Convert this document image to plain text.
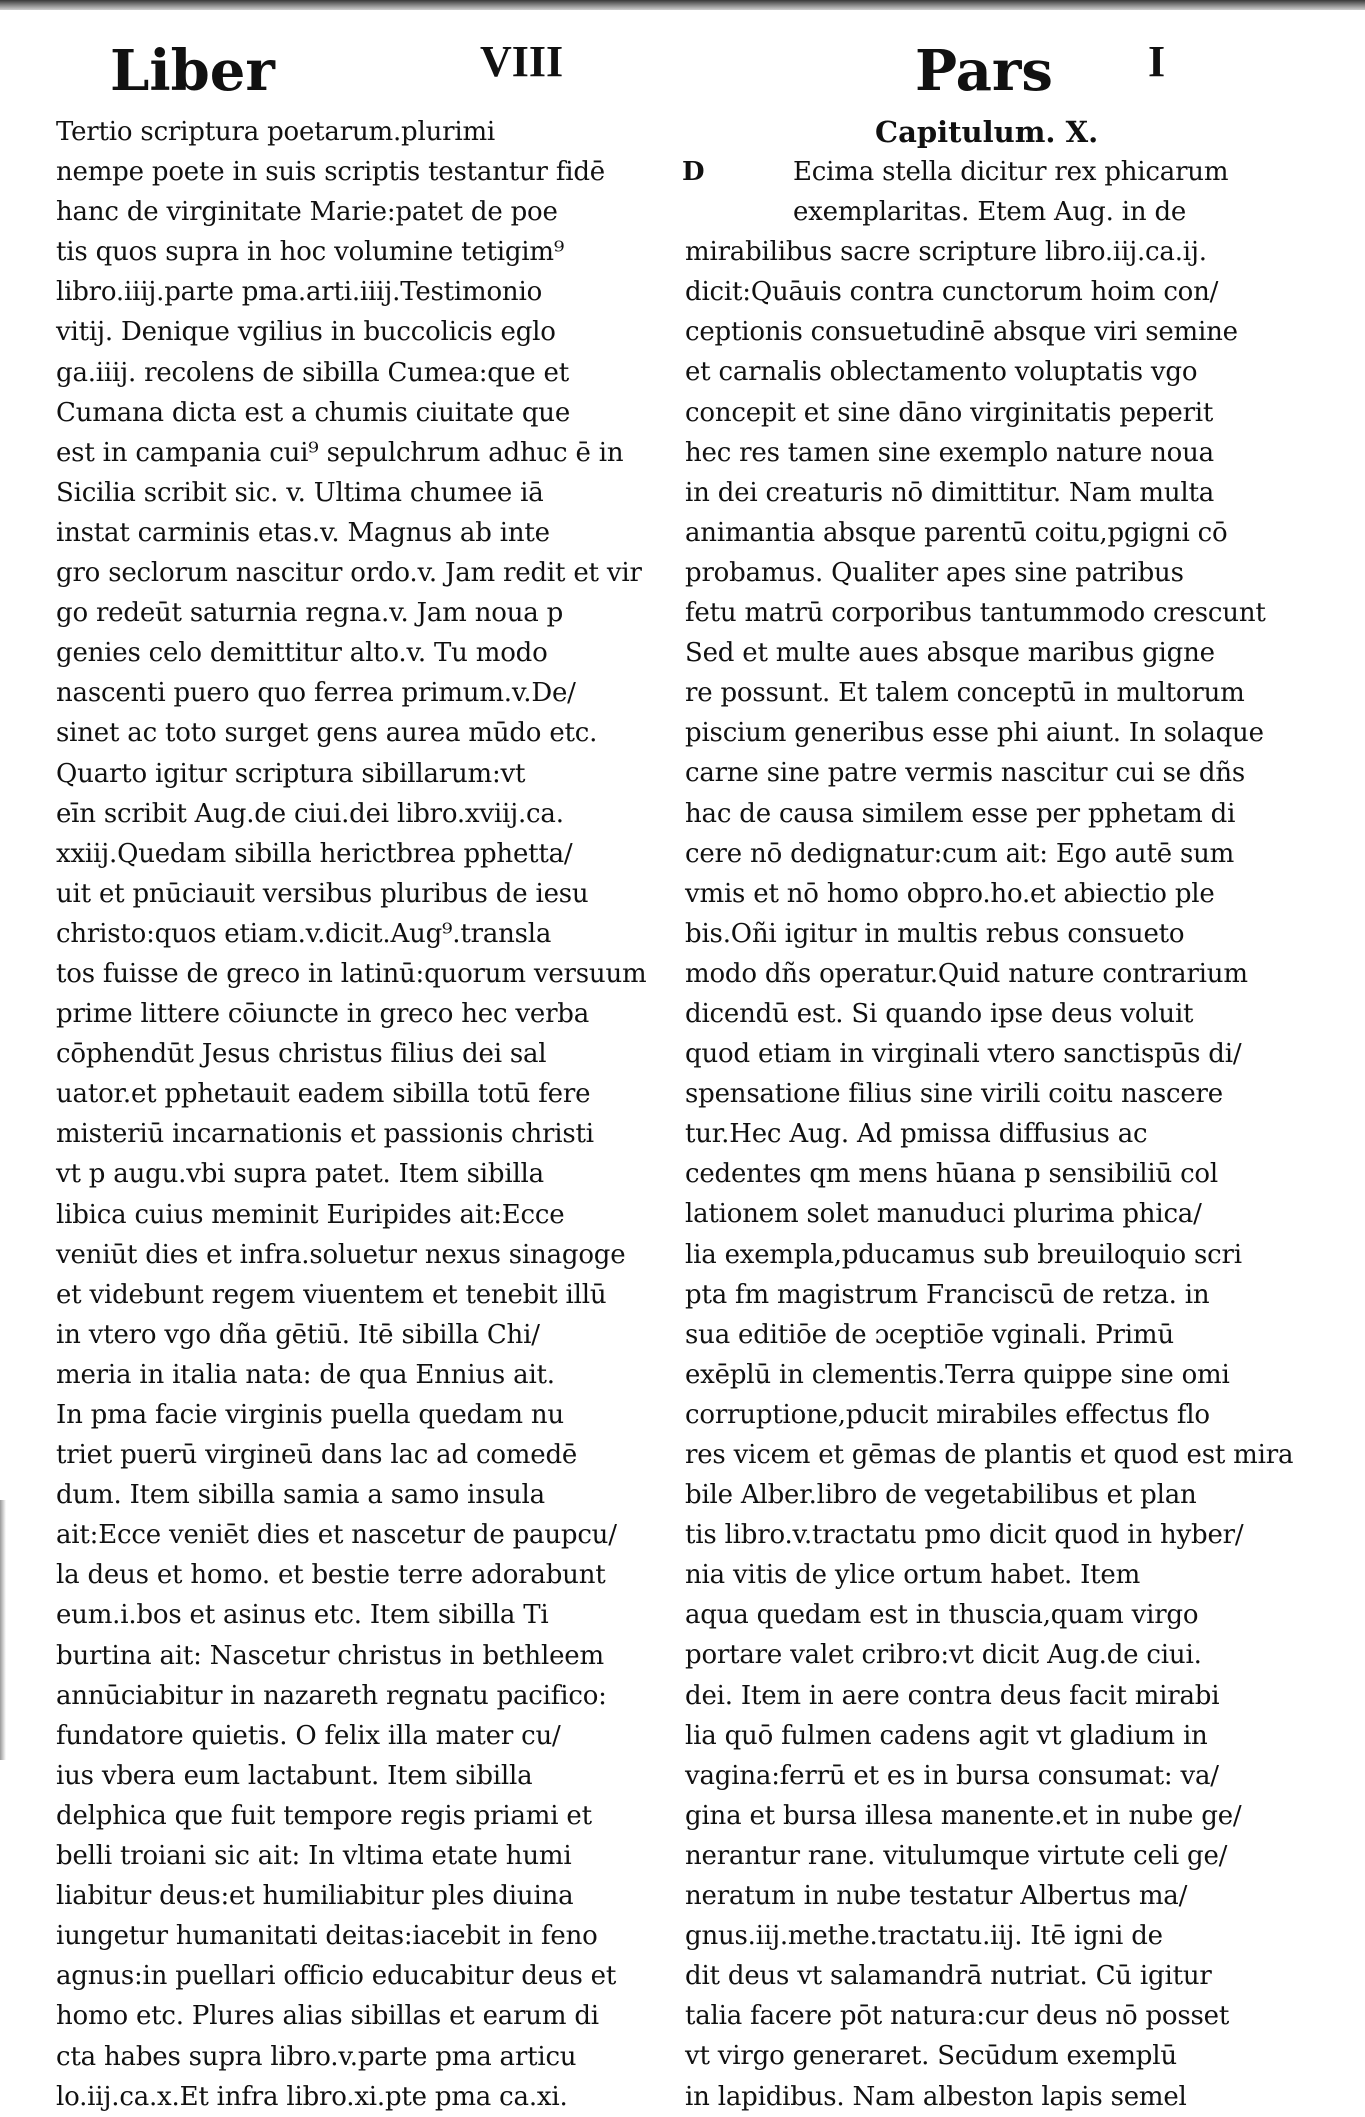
Liber	VIII	Pars I
Tertio scriptura poetarum.plurimi
nempe poete in suis scriptis testantur fidē
hanc de virginitate Marie:patet de poe
tis quos supra in hoc volumine tetigim⁹
libro.iiij.parte pma.arti.iiij.Testimonio
vitij. Denique vgilius in buccolicis eglo
ga.iiij. recolens de sibilla Cumea:que et
Cumana dicta est a chumis ciuitate que
est in campania cui⁹ sepulchrum adhuc ē in
Sicilia scribit sic. v. Ultima chumee iā
instat carminis etas.v. Magnus ab inte
gro seclorum nascitur ordo.v. Jam redit et vir
go redeūt saturnia regna.v. Jam noua p
genies celo demittitur alto.v. Tu modo
nascenti puero quo ferrea primum.v.De/
sinet ac toto surget gens aurea mūdo etc.
Quarto igitur scriptura sibillarum:vt
eīn scribit Aug.de ciui.dei libro.xviij.ca.
xxiij.Quedam sibilla herictbrea pphetta/
uit et pnūciauit versibus pluribus de iesu
christo:quos etiam.v.dicit.Aug⁹.transla
tos fuisse de greco in latinū:quorum versuum
prime littere cōiuncte in greco hec verba
cōphendūt Jesus christus filius dei sal
uator.et pphetauit eadem sibilla totū fere
misteriū incarnationis et passionis christi
vt p augu.vbi supra patet. Item sibilla
libica cuius meminit Euripides ait:Ecce
veniūt dies et infra.soluetur nexus sinagoge
et videbunt regem viuentem et tenebit illū
in vtero vgo dña gētiū. Itē sibilla Chi/
meria in italia nata: de qua Ennius ait.
In pma facie virginis puella quedam nu
triet puerū virgineū dans lac ad comedē
dum. Item sibilla samia a samo insula
ait:Ecce veniēt dies et nascetur de paupcu/
la deus et homo. et bestie terre adorabunt
eum.i.bos et asinus etc. Item sibilla Ti
burtina ait: Nascetur christus in bethleem
annūciabitur in nazareth regnatu pacifico:
fundatore quietis. O felix illa mater cu/
ius vbera eum lactabunt. Item sibilla
delphica que fuit tempore regis priami et
belli troiani sic ait: In vltima etate humi
liabitur deus:et humiliabitur ples diuina
iungetur humanitati deitas:iacebit in feno
agnus:in puellari officio educabitur deus et
homo etc. Plures alias sibillas et earum di
cta habes supra libro.v.parte pma articu
lo.iij.ca.x.Et infra libro.xi.pte pma ca.xi.
Capitulum. X.
D	Ecima stella dicitur rex phicarum
exemplaritas. Etem Aug. in de
mirabilibus sacre scripture libro.iij.ca.ij.
dicit:Quāuis contra cunctorum hoim con/
ceptionis consuetudinē absque viri semine
et carnalis oblectamento voluptatis vgo
concepit et sine dāno virginitatis peperit
hec res tamen sine exemplo nature noua
in dei creaturis nō dimittitur. Nam multa
animantia absque parentū coitu,pgigni cō
probamus. Qualiter apes sine patribus
fetu matrū corporibus tantummodo crescunt
Sed et multe aues absque maribus gigne
re possunt. Et talem conceptū in multorum
piscium generibus esse phi aiunt. In solaque
carne sine patre vermis nascitur cui se dñs
hac de causa similem esse per pphetam di
cere nō dedignatur:cum ait: Ego autē sum
vmis et nō homo obpro.ho.et abiectio ple
bis.Oñi igitur in multis rebus consueto
modo dñs operatur.Quid nature contrarium
dicendū est. Si quando ipse deus voluit
quod etiam in virginali vtero sanctispūs di/
spensatione filius sine virili coitu nascere
tur.Hec Aug. Ad pmissa diffusius ac
cedentes qm mens hūana p sensibiliū col
lationem solet manuduci plurima phica/
lia exempla,pducamus sub breuiloquio scri
pta fm magistrum Franciscū de retza. in
sua editiōe de ɔceptiōe vginali. Primū
exēplū in clementis.Terra quippe sine omi
corruptione,pducit mirabiles effectus flo
res vicem et gēmas de plantis et quod est mira
bile Alber.libro de vegetabilibus et plan
tis libro.v.tractatu pmo dicit quod in hyber/
nia vitis de ylice ortum habet. Item
aqua quedam est in thuscia,quam virgo
portare valet cribro:vt dicit Aug.de ciui.
dei. Item in aere contra deus facit mirabi
lia quō fulmen cadens agit vt gladium in
vagina:ferrū et es in bursa consumat: va/
gina et bursa illesa manente.et in nube ge/
nerantur rane. vitulumque virtute celi ge/
neratum in nube testatur Albertus ma/
gnus.iij.methe.tractatu.iij. Itē igni de
dit deus vt salamandrā nutriat. Cū igitur
talia facere pōt natura:cur deus nō posset
vt virgo generaret. Secūdum exemplū
in lapidibus. Nam albeston lapis semel
